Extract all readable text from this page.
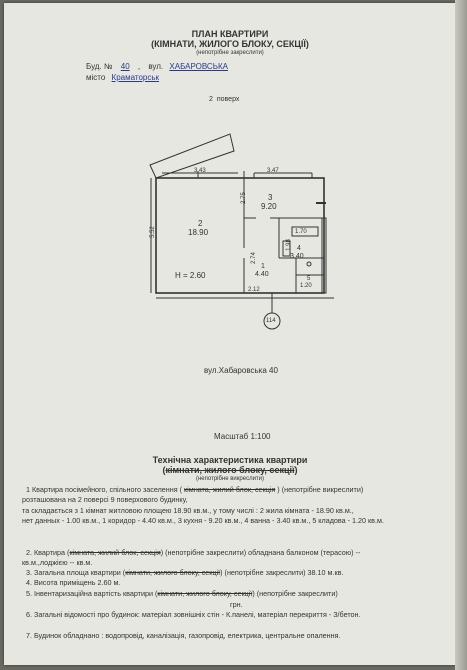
ПЛАН КВАРТИРИ
(КІМНАТИ, ЖИЛОГО БЛОКУ, СЕКЦІЇ)
(непотрібне закреслити)
Буд. № 40 , вул. ХАБАРОВСЬКА
місто Краматорськ
2 поверх
3.43	3.47
2.75
5.52
2.74
1.98
1.70
2.12
2
18.90
3
9.20
1
4.40
4
3.40
5
1.20
H = 2.60
114
вул.Хабаровська 40
Масштаб 1:100
Технічна характеристика квартири
(кімнати, жилого блоку, секції)
(непотрібне викреслити)
1 Квартира посімейного, спільного заселення ( кімната, жилий блок, секція ) (непотрібне викреслити)
розташована на 2 поверсі 9 поверхового будинку,
та складається з 1 кімнат житловою площею 18.90 кв.м., у тому числі : 2 жила кімната - 18.90 кв.м.,
нет данных - 1.00 кв.м., 1 коридор - 4.40 кв.м., 3 кухня - 9.20 кв.м., 4 ванна - 3.40 кв.м., 5 кладова - 1.20 кв.м.
2. Квартира (кімната, жилий блок, секція) (непотрібне закреслити) обладнана балконом (терасою) --
кв.м.,лоджією -- кв.м.
3. Загальна площа квартири (кімнати, жилого блоку, секції) (непотрібне закреслити) 38.10 м.кв.
4. Висота приміщень 2.60 м.
5. Інвентаризаційна вартість квартири (кімнати, жилого блоку, секції) (непотрібне закреслити)
грн.
6. Загальні відомості про будинок: матеріал зовнішніх стін - К.панелі, матеріал перекриття - З/бетон.
7. Будинок обладнано : водопровід, каналізація, газопровід, електрика, центральне опалення.
